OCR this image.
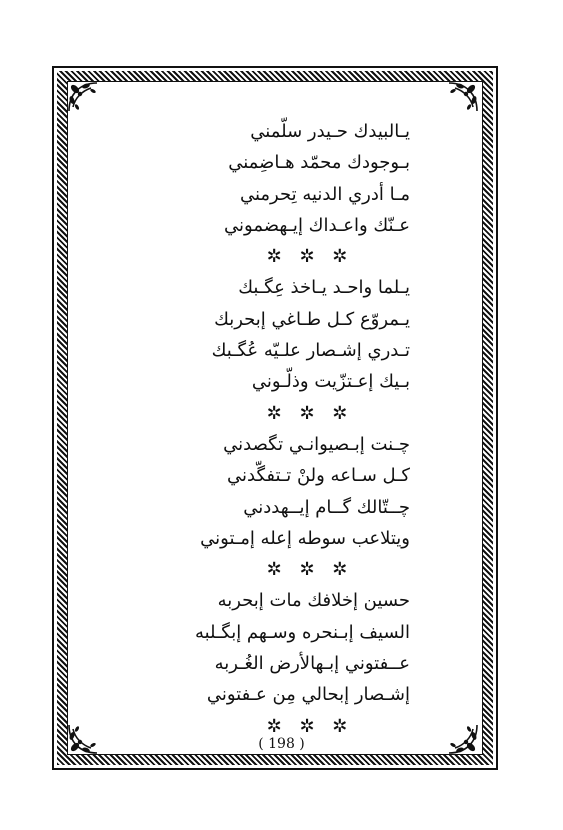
يـالبيدك حـيدر سلّمني
بـوجودك محمّد هـاضِمني
مـا أدري الدنيه تِحرمني
عـنّك واعـداك إيـهضموني
✲ ✲ ✲
يـلما واحـد يـاخذ عِگـبك
يـمروّع كـل طـاغي إبحربك
تـدري إشـصار علـيّه عُگـبك
بـيك إعـتزّيت وذلّـوني
✲ ✲ ✲
چـنت إبـصيوانـي تگصدني
كـل سـاعه ولنْ تـتفگّدني
چــتّالك گــام إيــهددني
ويتلاعب سوطه إعله إمـتوني
✲ ✲ ✲
حسين إخلافك مات إبحربه
السيف إبـنحره وسـهم إبگـلبه
عــفتوني إبـهالأرض الغُـربه
إشـصار إبحالي مِن عـفتوني
✲ ✲ ✲
( 198 )
